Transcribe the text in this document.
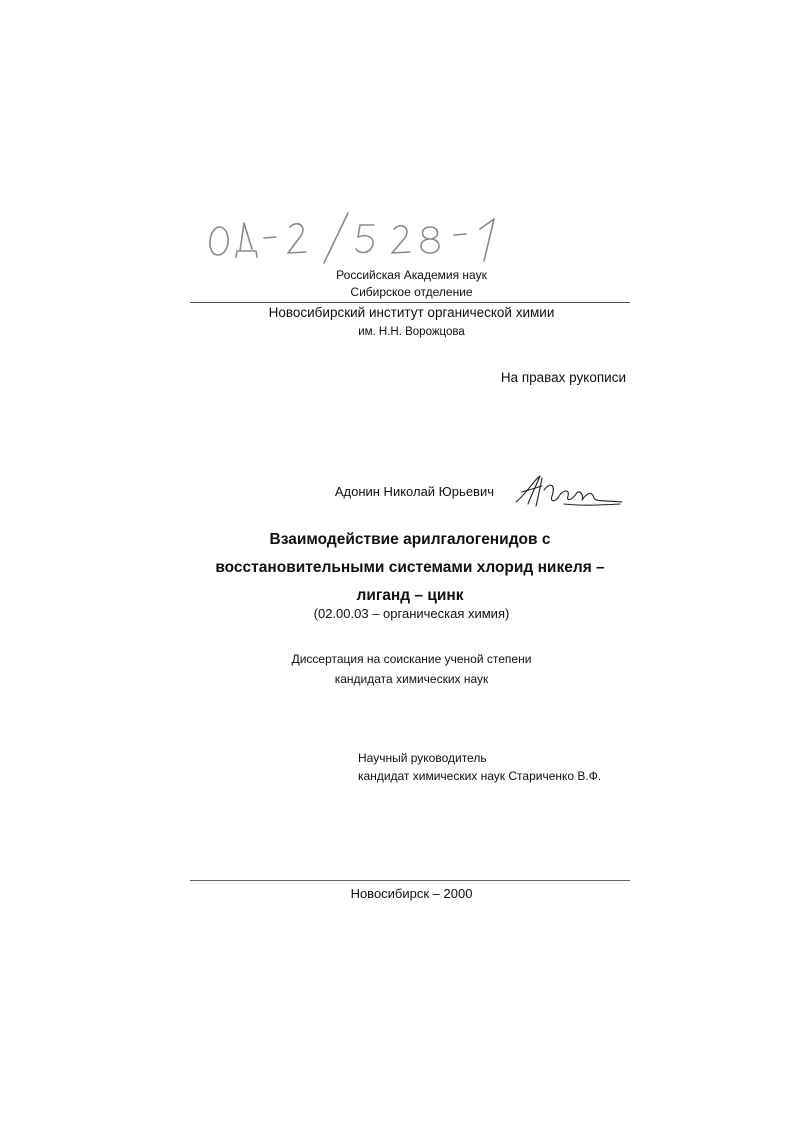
Российская Академия наук
Сибирское отделение
Новосибирский институт органической химии
им. Н.Н. Ворожцова
На правах рукописи
Адонин Николай Юрьевич
Взаимодействие арилгалогенидов с
восстановительными системами хлорид никеля –
лиганд – цинк
(02.00.03 – органическая химия)
Диссертация на соискание ученой степени
кандидата химических наук
Научный руководитель
кандидат химических наук Стариченко В.Ф.
Новосибирск – 2000
